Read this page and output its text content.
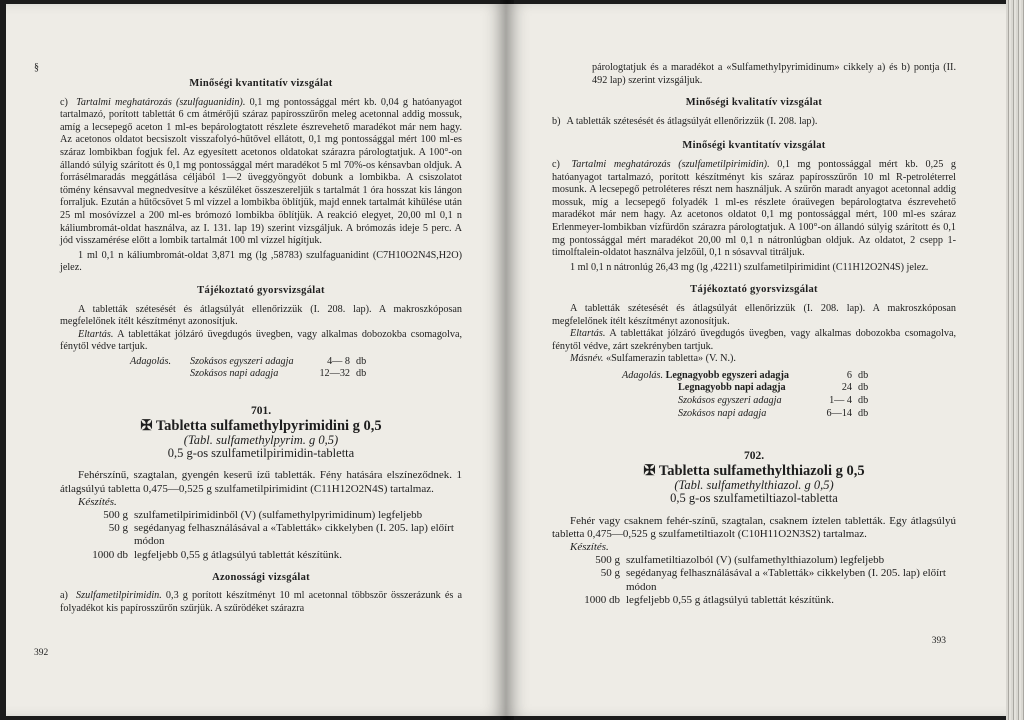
§
Minőségi kvantitatív vizsgálat

c) Tartalmi meghatározás (szulfaguanidin). 0,1 mg pontossággal mért kb. 0,04 g hatóanyagot tartalmazó, porított tablettát 6 cm átmérőjű száraz papírosszűrőn meleg acetonnal addig mossuk, amíg a lecsepegő aceton 1 ml-es bepárologtatott részlete észrevehető maradékot már nem hagy. Az acetonos oldatot becsiszolt visszafolyó-hűtővel ellátott, 0,1 mg pontossággal mért 100 ml-es száraz lombikban fogjuk fel. Az egyesített acetonos oldatokat szárazra párologtatjuk. A 100°-on állandó súlyig szárított és 0,1 mg pontossággal mért maradékot 5 ml 70%-os kénsavban oldjuk. A forrásélmaradás meggátlása céljából 1—2 üveggyöngyöt dobunk a lombikba. A csiszolatot tömény kénsavval megnedvesítve a készüléket összeszereljük s tartalmát 1 óra hosszat kis lángon forraljuk. Ezután a hűtőcsövet 5 ml vízzel a lombikba öblítjük, majd ennek tartalmát kihűlése után 25 ml mosóvízzel a 200 ml-es brómozó lombikba öblítjük. A reakció elegyet, 20,00 ml 0,1 n káliumbromát-oldat használva, az I. 131. lap 19) szerint vizsgáljuk. A brómozás ideje 5 perc. A jód visszamérése előtt a lombik tartalmát 100 ml vízzel hígítjuk.

1 ml 0,1 n káliumbromát-oldat 3,871 mg (lg ,58783) szulfaguanidint (C7H10O2N4S,H2O) jelez.

Tájékoztató gyorsvizsgálat

A tabletták szétesését és átlagsúlyát ellenőrizzük (I. 208. lap). A makroszkóposan megfelelőnek ítélt készítményt azonosítjuk.

Eltartás. A tablettákat jólzáró üvegdugós üvegben, vagy alkalmas dobozokba csomagolva, fénytől védve tartjuk.

Adagolás.	Szokásos egyszeri adagja	4— 8 db
Szokásos napi adagja	12—32 db
701.
✠ Tabletta sulfamethylpyrimidini g 0,5
(Tabl. sulfamethylpyrim. g 0,5)
0,5 g-os szulfametilpirimidin-tabletta

Fehérszínű, szagtalan, gyengén keserű ízű tabletták. Fény hatására elszíneződnek. 1 átlagsúlyú tabletta 0,475—0,525 g szulfametilpirimidint (C11H12O2N4S) tartalmaz.

Készítés.

500 g szulfametilpirimidinből (V) (sulfamethylpyrimidinum) legfeljebb
50 g segédanyag felhasználásával a «Tabletták» cikkelyben (I. 205. lap) előírt módon
1000 db legfeljebb 0,55 g átlagsúlyú tablettát készítünk.
Azonossági vizsgálat

a) Szulfametilpirimidin. 0,3 g porított készítményt 10 ml acetonnal többször összerázunk és a folyadékot kis papírosszűrőn szűrjük. A szűrödéket szárazra

392

párologtatjuk és a maradékot a «Sulfamethylpyrimidinum» cikkely a) és b) pontja (II. 492 lap) szerint vizsgáljuk.

Minőségi kvalitatív vizsgálat

b) A tabletták szétesését és átlagsúlyát ellenőrizzük (I. 208. lap).

Minőségi kvantitatív vizsgálat

c) Tartalmi meghatározás (szulfametilpirimidin). 0,1 mg pontossággal mért kb. 0,25 g hatóanyagot tartalmazó, porított készítményt kis száraz papírosszűrőn 10 ml R-petroléterrel mosunk. A lecsepegő petroléteres részt nem használjuk. A szűrőn maradt anyagot acetonnal addig mossuk, míg a lecsepegő folyadék 1 ml-es részlete óraüvegen bepárologtatva észrevehető maradékot már nem hagy. Az acetonos oldatot 0,1 mg pontossággal mért, 100 ml-es száraz Erlenmeyer-lombikban vízfürdőn szárazra párologtatjuk. A 100°-on állandó súlyig szárított és 0,1 mg pontossággal mért maradékot 20,00 ml 0,1 n nátronlúgban oldjuk. Az oldatot, 2 csepp 1-timolftalein-oldatot használva jelzőül, 0,1 n sósavval titráljuk.

1 ml 0,1 n nátronlúg 26,43 mg (lg ,42211) szulfametilpirimidint (C11H12O2N4S) jelez.

Tájékoztató gyorsvizsgálat

A tabletták szétesését és átlagsúlyát ellenőrizzük (I. 208. lap). A makroszkóposan megfelelőnek ítélt készítményt azonosítjuk.

Eltartás. A tablettákat jólzáró üvegdugós üvegben, vagy alkalmas dobozokba csomagolva, fénytől védve, zárt szekrényben tartjuk.

Másnév. «Sulfamerazin tabletta» (V. N.).

Adagolás. Legnagyobb egyszeri adagja	6 db
Legnagyobb napi adagja	24 db
Szokásos egyszeri adagja	1— 4 db
Szokásos napi adagja	6—14 db
702.
✠ Tabletta sulfamethylthiazoli g 0,5
(Tabl. sulfamethylthiazol. g 0,5)
0,5 g-os szulfametiltiazol-tabletta

Fehér vagy csaknem fehér-színű, szagtalan, csaknem íztelen tabletták. Egy átlagsúlyú tabletta 0,475—0,525 g szulfametiltiazolt (C10H11O2N3S2) tartalmaz.

Készítés.

500 g szulfametiltiazolból (V) (sulfamethylthiazolum) legfeljebb
50 g segédanyag felhasználásával a «Tabletták» cikkelyben (I. 205. lap) előírt módon
1000 db legfeljebb 0,55 g átlagsúlyú tablettát készítünk.
393
